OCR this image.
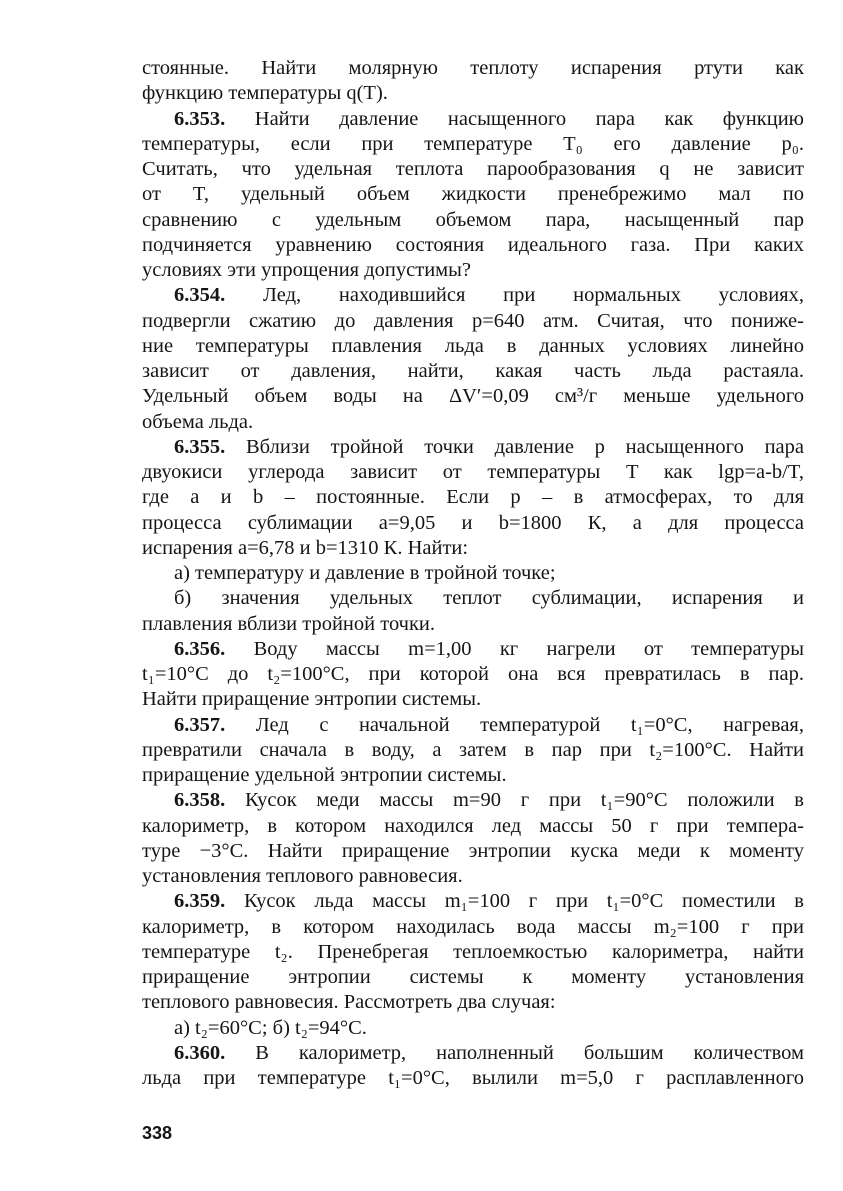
стоянные. Найти молярную теплоту испарения ртути как
функцию температуры q(T).
6.353. Найти давление насыщенного пара как функцию
температуры, если при температуре T₀ его давление p₀.
Считать, что удельная теплота парообразования q не зависит
от T, удельный объем жидкости пренебрежимо мал по
сравнению с удельным объемом пара, насыщенный пар
подчиняется уравнению состояния идеального газа. При каких
условиях эти упрощения допустимы?
6.354. Лед, находившийся при нормальных условиях,
подвергли сжатию до давления p=640 атм. Считая, что пониже-
ние температуры плавления льда в данных условиях линейно
зависит от давления, найти, какая часть льда растаяла.
Удельный объем воды на ΔV′=0,09 см³/г меньше удельного
объема льда.
6.355. Вблизи тройной точки давление p насыщенного пара
двуокиси углерода зависит от температуры T как lgp=a-b/T,
где a и b – постоянные. Если p – в атмосферах, то для
процесса сублимации a=9,05 и b=1800 К, а для процесса
испарения a=6,78 и b=1310 К. Найти:
а) температуру и давление в тройной точке;
б) значения удельных теплот сублимации, испарения и
плавления вблизи тройной точки.
6.356. Воду массы m=1,00 кг нагрели от температуры
t₁=10°С до t₂=100°С, при которой она вся превратилась в пар.
Найти приращение энтропии системы.
6.357. Лед с начальной температурой t₁=0°С, нагревая,
превратили сначала в воду, а затем в пар при t₂=100°С. Найти
приращение удельной энтропии системы.
6.358. Кусок меди массы m=90 г при t₁=90°С положили в
калориметр, в котором находился лед массы 50 г при темпера-
туре −3°С. Найти приращение энтропии куска меди к моменту
установления теплового равновесия.
6.359. Кусок льда массы m₁=100 г при t₁=0°С поместили в
калориметр, в котором находилась вода массы m₂=100 г при
температуре t₂. Пренебрегая теплоемкостью калориметра, найти
приращение энтропии системы к моменту установления
теплового равновесия. Рассмотреть два случая:
а) t₂=60°С; б) t₂=94°С.
6.360. В калориметр, наполненный большим количеством
льда при температуре t₁=0°С, вылили m=5,0 г расплавленного
338
